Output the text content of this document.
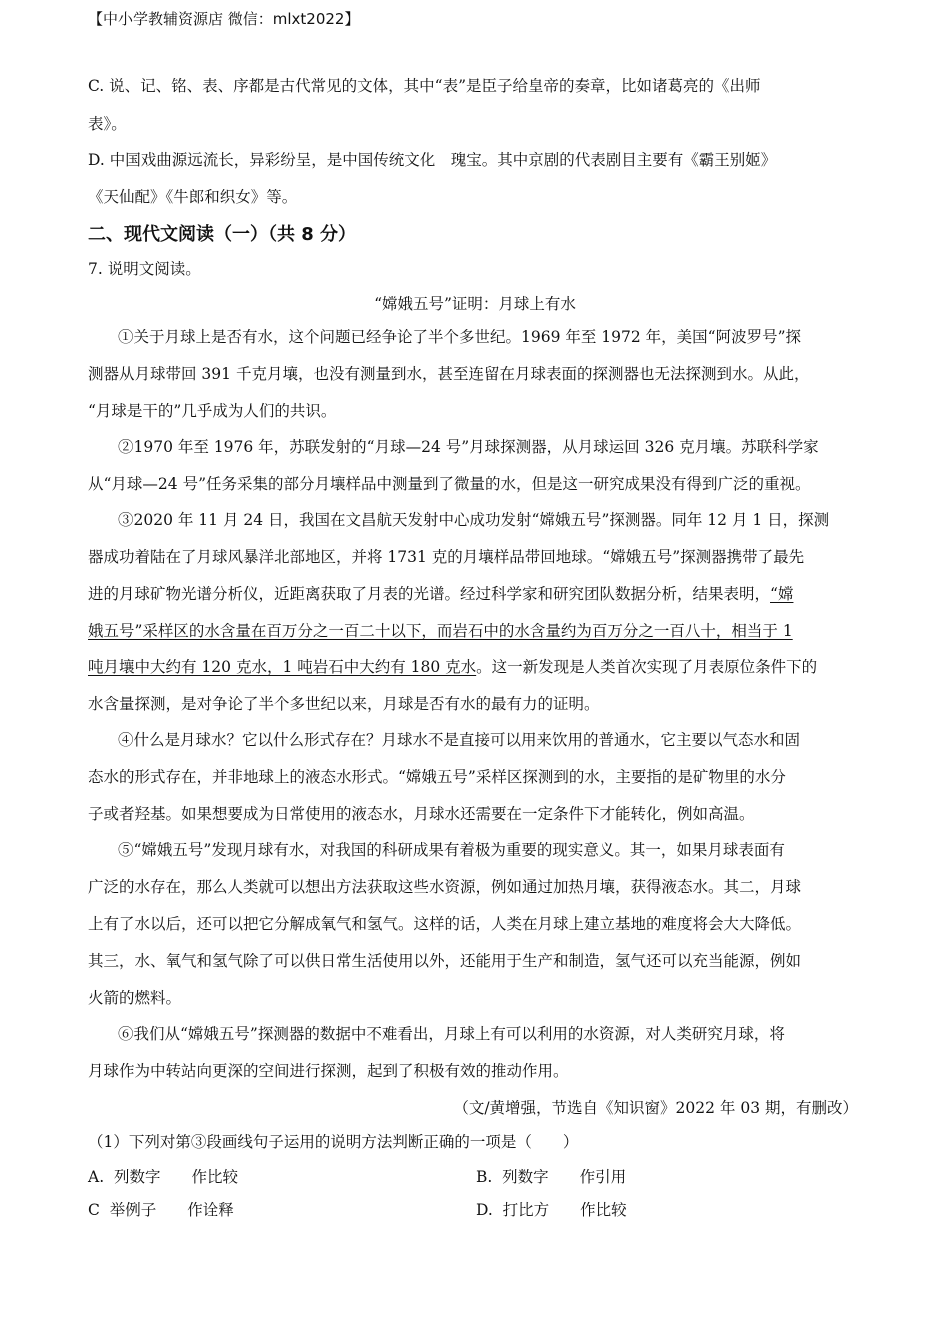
【中小学教辅资源店 微信：mlxt2022】
C. 说、记、铭、表、序都是古代常见的文体，其中“表”是臣子给皇帝的奏章，比如诸葛亮的《出师
表》。
D. 中国戏曲源远流长，异彩纷呈，是中国传统文化　瑰宝。其中京剧的代表剧目主要有《霸王别姬》
《天仙配》《牛郎和织女》等。
二、现代文阅读（一）（共 8 分）
7. 说明文阅读。
“嫦娥五号”证明：月球上有水
①关于月球上是否有水，这个问题已经争论了半个多世纪。1969 年至 1972 年，美国“阿波罗号”探
测器从月球带回 391 千克月壤，也没有测量到水，甚至连留在月球表面的探测器也无法探测到水。从此，
“月球是干的”几乎成为人们的共识。
②1970 年至 1976 年，苏联发射的“月球—24 号”月球探测器，从月球运回 326 克月壤。苏联科学家
从“月球—24 号”任务采集的部分月壤样品中测量到了微量的水，但是这一研究成果没有得到广泛的重视。
③2020 年 11 月 24 日，我国在文昌航天发射中心成功发射“嫦娥五号”探测器。同年 12 月 1 日，探测
器成功着陆在了月球风暴洋北部地区，并将 1731 克的月壤样品带回地球。“嫦娥五号”探测器携带了最先
进的月球矿物光谱分析仪，近距离获取了月表的光谱。经过科学家和研究团队数据分析，结果表明，“嫦
娥五号”采样区的水含量在百万分之一百二十以下，而岩石中的水含量约为百万分之一百八十，相当于 1
吨月壤中大约有 120 克水，1 吨岩石中大约有 180 克水。这一新发现是人类首次实现了月表原位条件下的
水含量探测，是对争论了半个多世纪以来，月球是否有水的最有力的证明。
④什么是月球水？它以什么形式存在？月球水不是直接可以用来饮用的普通水，它主要以气态水和固
态水的形式存在，并非地球上的液态水形式。“嫦娥五号”采样区探测到的水，主要指的是矿物里的水分
子或者羟基。如果想要成为日常使用的液态水，月球水还需要在一定条件下才能转化，例如高温。
⑤“嫦娥五号”发现月球有水，对我国的科研成果有着极为重要的现实意义。其一，如果月球表面有
广泛的水存在，那么人类就可以想出方法获取这些水资源，例如通过加热月壤，获得液态水。其二，月球
上有了水以后，还可以把它分解成氧气和氢气。这样的话，人类在月球上建立基地的难度将会大大降低。
其三，水、氧气和氢气除了可以供日常生活使用以外，还能用于生产和制造，氢气还可以充当能源，例如
火箭的燃料。
⑥我们从“嫦娥五号”探测器的数据中不难看出，月球上有可以利用的水资源，对人类研究月球，将
月球作为中转站向更深的空间进行探测，起到了积极有效的推动作用。
（文/黄增强，节选自《知识窗》2022 年 03 期，有删改）
（1）下列对第③段画线句子运用的说明方法判断正确的一项是（　　）
A.  列数字　　作比较	B.  列数字　　作引用
C  举例子　　作诠释	D.  打比方　　作比较
